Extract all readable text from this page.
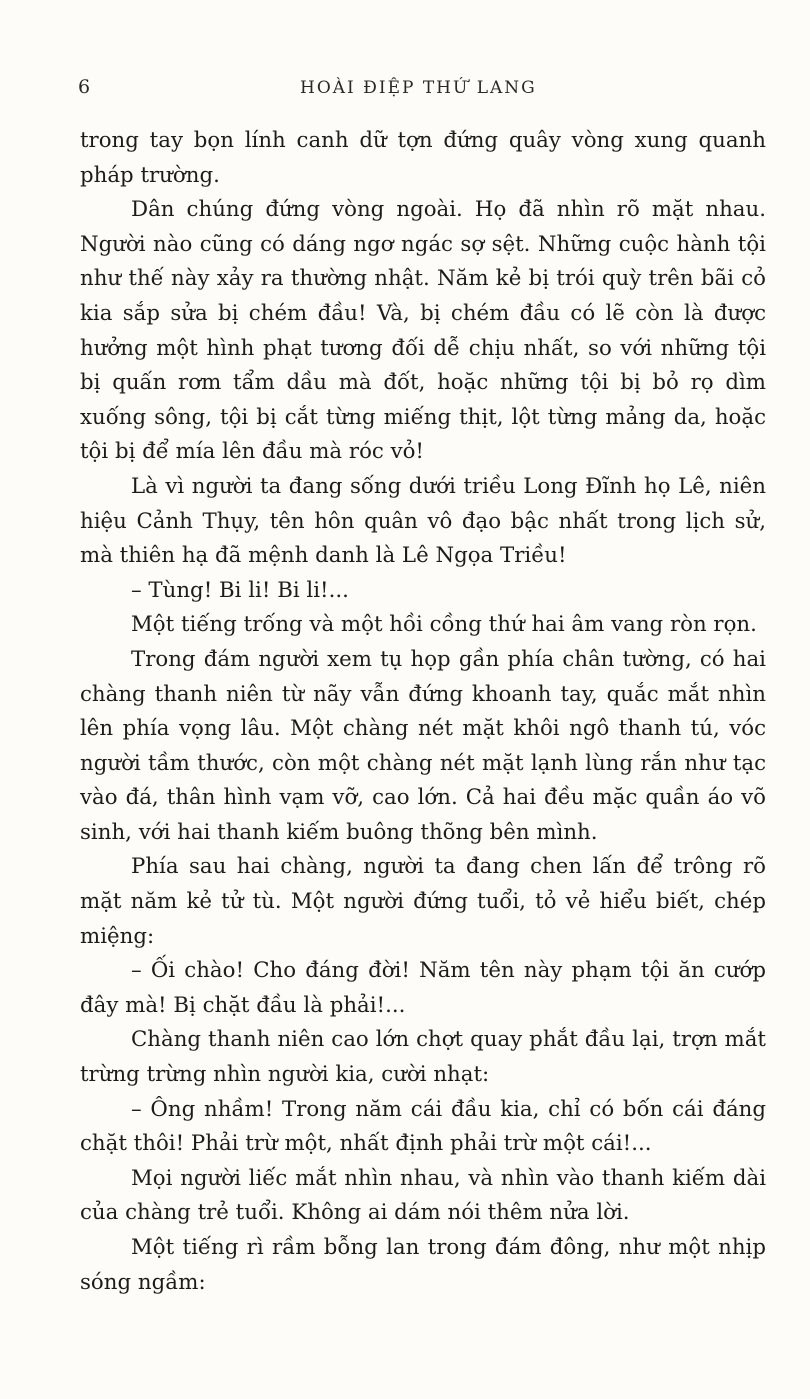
6	HOÀI ĐIỆP THỨ LANG

trong tay bọn lính canh dữ tợn đứng quây vòng xung quanh pháp trường.

Dân chúng đứng vòng ngoài. Họ đã nhìn rõ mặt nhau. Người nào cũng có dáng ngơ ngác sợ sệt. Những cuộc hành tội như thế này xảy ra thường nhật. Năm kẻ bị trói quỳ trên bãi cỏ kia sắp sửa bị chém đầu! Và, bị chém đầu có lẽ còn là được hưởng một hình phạt tương đối dễ chịu nhất, so với những tội bị quấn rơm tẩm dầu mà đốt, hoặc những tội bị bỏ rọ dìm xuống sông, tội bị cắt từng miếng thịt, lột từng mảng da, hoặc tội bị để mía lên đầu mà róc vỏ!

Là vì người ta đang sống dưới triều Long Đĩnh họ Lê, niên hiệu Cảnh Thụy, tên hôn quân vô đạo bậc nhất trong lịch sử, mà thiên hạ đã mệnh danh là Lê Ngọa Triều!

– Tùng! Bi li! Bi li!...

Một tiếng trống và một hồi cồng thứ hai âm vang ròn rọn.

Trong đám người xem tụ họp gần phía chân tường, có hai chàng thanh niên từ nãy vẫn đứng khoanh tay, quắc mắt nhìn lên phía vọng lâu. Một chàng nét mặt khôi ngô thanh tú, vóc người tầm thước, còn một chàng nét mặt lạnh lùng rắn như tạc vào đá, thân hình vạm vỡ, cao lớn. Cả hai đều mặc quần áo võ sinh, với hai thanh kiếm buông thõng bên mình.

Phía sau hai chàng, người ta đang chen lấn để trông rõ mặt năm kẻ tử tù. Một người đứng tuổi, tỏ vẻ hiểu biết, chép miệng:

– Ối chào! Cho đáng đời! Năm tên này phạm tội ăn cướp đây mà! Bị chặt đầu là phải!...

Chàng thanh niên cao lớn chợt quay phắt đầu lại, trợn mắt trừng trừng nhìn người kia, cười nhạt:

– Ông nhầm! Trong năm cái đầu kia, chỉ có bốn cái đáng chặt thôi! Phải trừ một, nhất định phải trừ một cái!...

Mọi người liếc mắt nhìn nhau, và nhìn vào thanh kiếm dài của chàng trẻ tuổi. Không ai dám nói thêm nửa lời.

Một tiếng rì rầm bỗng lan trong đám đông, như một nhịp sóng ngầm:
